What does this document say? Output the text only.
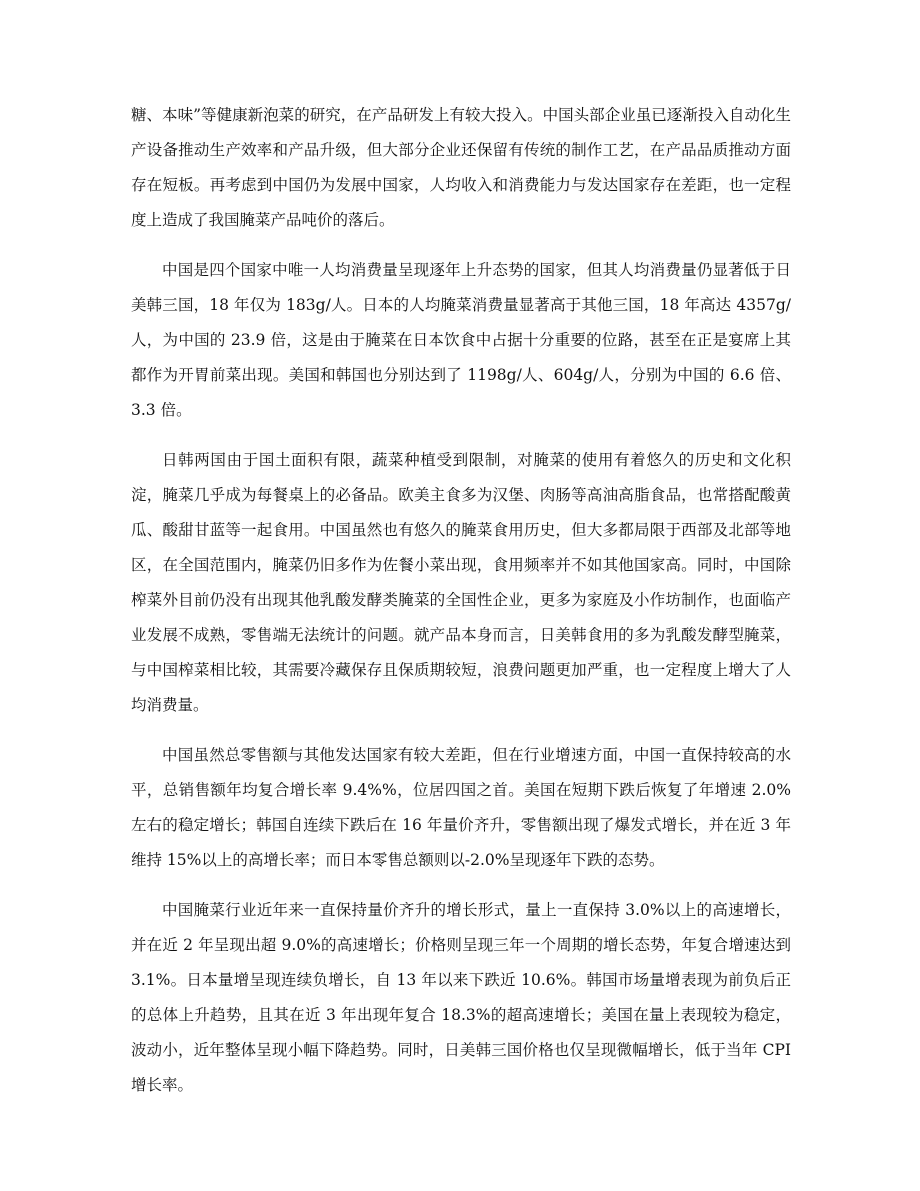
糖、本味”等健康新泡菜的研究，在产品研发上有较大投入。中国头部企业虽已逐渐投入自动化生产设备推动生产效率和产品升级，但大部分企业还保留有传统的制作工艺，在产品品质推动方面存在短板。再考虑到中国仍为发展中国家，人均收入和消费能力与发达国家存在差距，也一定程度上造成了我国腌菜产品吨价的落后。

中国是四个国家中唯一人均消费量呈现逐年上升态势的国家，但其人均消费量仍显著低于日美韩三国，18 年仅为 183g/人。日本的人均腌菜消费量显著高于其他三国，18 年高达 4357g/人，为中国的 23.9 倍，这是由于腌菜在日本饮食中占据十分重要的位路，甚至在正是宴席上其都作为开胃前菜出现。美国和韩国也分别达到了 1198g/人、604g/人，分别为中国的 6.6 倍、3.3 倍。

日韩两国由于国土面积有限，蔬菜种植受到限制，对腌菜的使用有着悠久的历史和文化积淀，腌菜几乎成为每餐桌上的必备品。欧美主食多为汉堡、肉肠等高油高脂食品，也常搭配酸黄瓜、酸甜甘蓝等一起食用。中国虽然也有悠久的腌菜食用历史，但大多都局限于西部及北部等地区，在全国范围内，腌菜仍旧多作为佐餐小菜出现，食用频率并不如其他国家高。同时，中国除榨菜外目前仍没有出现其他乳酸发酵类腌菜的全国性企业，更多为家庭及小作坊制作，也面临产业发展不成熟，零售端无法统计的问题。就产品本身而言，日美韩食用的多为乳酸发酵型腌菜，与中国榨菜相比较，其需要冷藏保存且保质期较短，浪费问题更加严重，也一定程度上增大了人均消费量。

中国虽然总零售额与其他发达国家有较大差距，但在行业增速方面，中国一直保持较高的水平，总销售额年均复合增长率 9.4%%，位居四国之首。美国在短期下跌后恢复了年增速 2.0%左右的稳定增长；韩国自连续下跌后在 16 年量价齐升，零售额出现了爆发式增长，并在近 3 年维持 15%以上的高增长率；而日本零售总额则以-2.0%呈现逐年下跌的态势。

中国腌菜行业近年来一直保持量价齐升的增长形式，量上一直保持 3.0%以上的高速增长，并在近 2 年呈现出超 9.0%的高速增长；价格则呈现三年一个周期的增长态势，年复合增速达到 3.1%。日本量增呈现连续负增长，自 13 年以来下跌近 10.6%。韩国市场量增表现为前负后正的总体上升趋势，且其在近 3 年出现年复合 18.3%的超高速增长；美国在量上表现较为稳定，波动小，近年整体呈现小幅下降趋势。同时，日美韩三国价格也仅呈现微幅增长，低于当年 CPI 增长率。
